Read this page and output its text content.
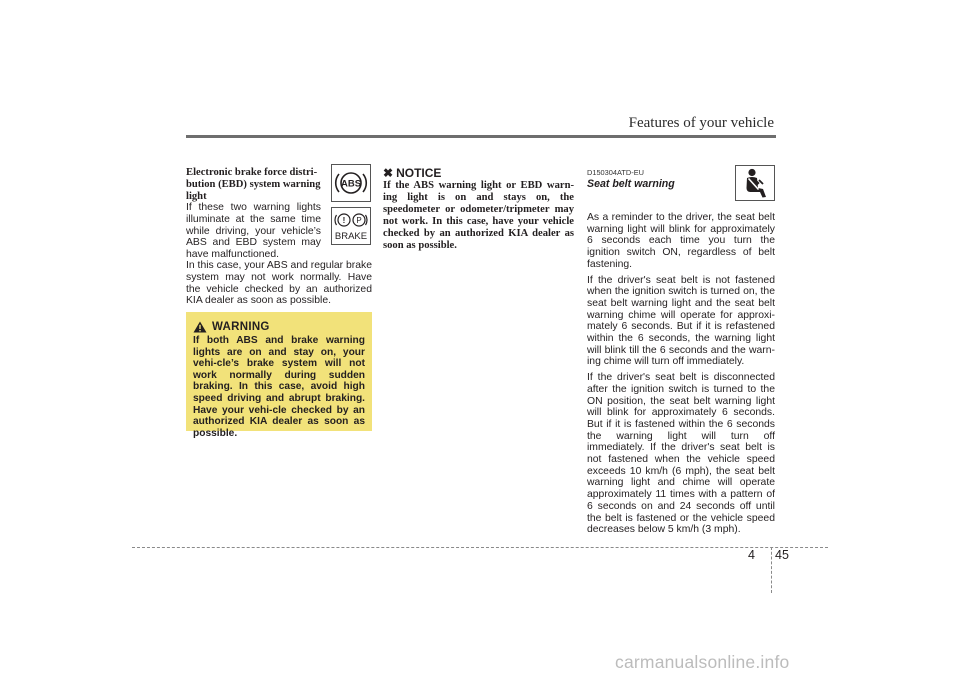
Features of your vehicle
Electronic brake force distri-
bution (EBD) system warning
light
If these two warning lights illuminate at the same time while driving, your vehicle’s ABS and EBD system may have malfunctioned.
In this case, your ABS and regular brake system may not work normally. Have the vehicle checked by an authorized KIA dealer as soon as possible.
ABS
! P
BRAKE
WARNING
If both ABS and brake warning lights are on and stay on, your vehi-cle’s brake system will not work normally during sudden braking. In this case, avoid high speed driving and abrupt braking. Have your vehi-cle checked by an authorized KIA dealer as soon as possible.
✖ NOTICE
If the ABS warning light or EBD warn-ing light is on and stays on, the speedometer or odometer/tripmeter may not work. In this case, have your vehicle checked by an authorized KIA dealer as soon as possible.
D150304ATD-EU
Seat belt warning

As a reminder to the driver, the seat belt warning light will blink for approximately 6 seconds each time you turn the ignition switch ON, regardless of belt fastening.

If the driver's seat belt is not fastened when the ignition switch is turned on, the seat belt warning light and the seat belt warning chime will operate for approxi-mately 6 seconds. But if it is refastened within the 6 seconds, the warning light will blink till the 6 seconds and the warn-ing chime will turn off immediately.

If the driver's seat belt is disconnected after the ignition switch is turned to the ON position, the seat belt warning light will blink for approximately 6 seconds. But if it is fastened within the 6 seconds the warning light will turn off immediately. If the driver's seat belt is not fastened when the vehicle speed exceeds 10 km/h (6 mph), the seat belt warning light and chime will operate approximately 11 times with a pattern of 6 seconds on and 24 seconds off until the belt is fastened or the vehicle speed decreases below 5 km/h (3 mph).

4 45
carmanualsonline.info
